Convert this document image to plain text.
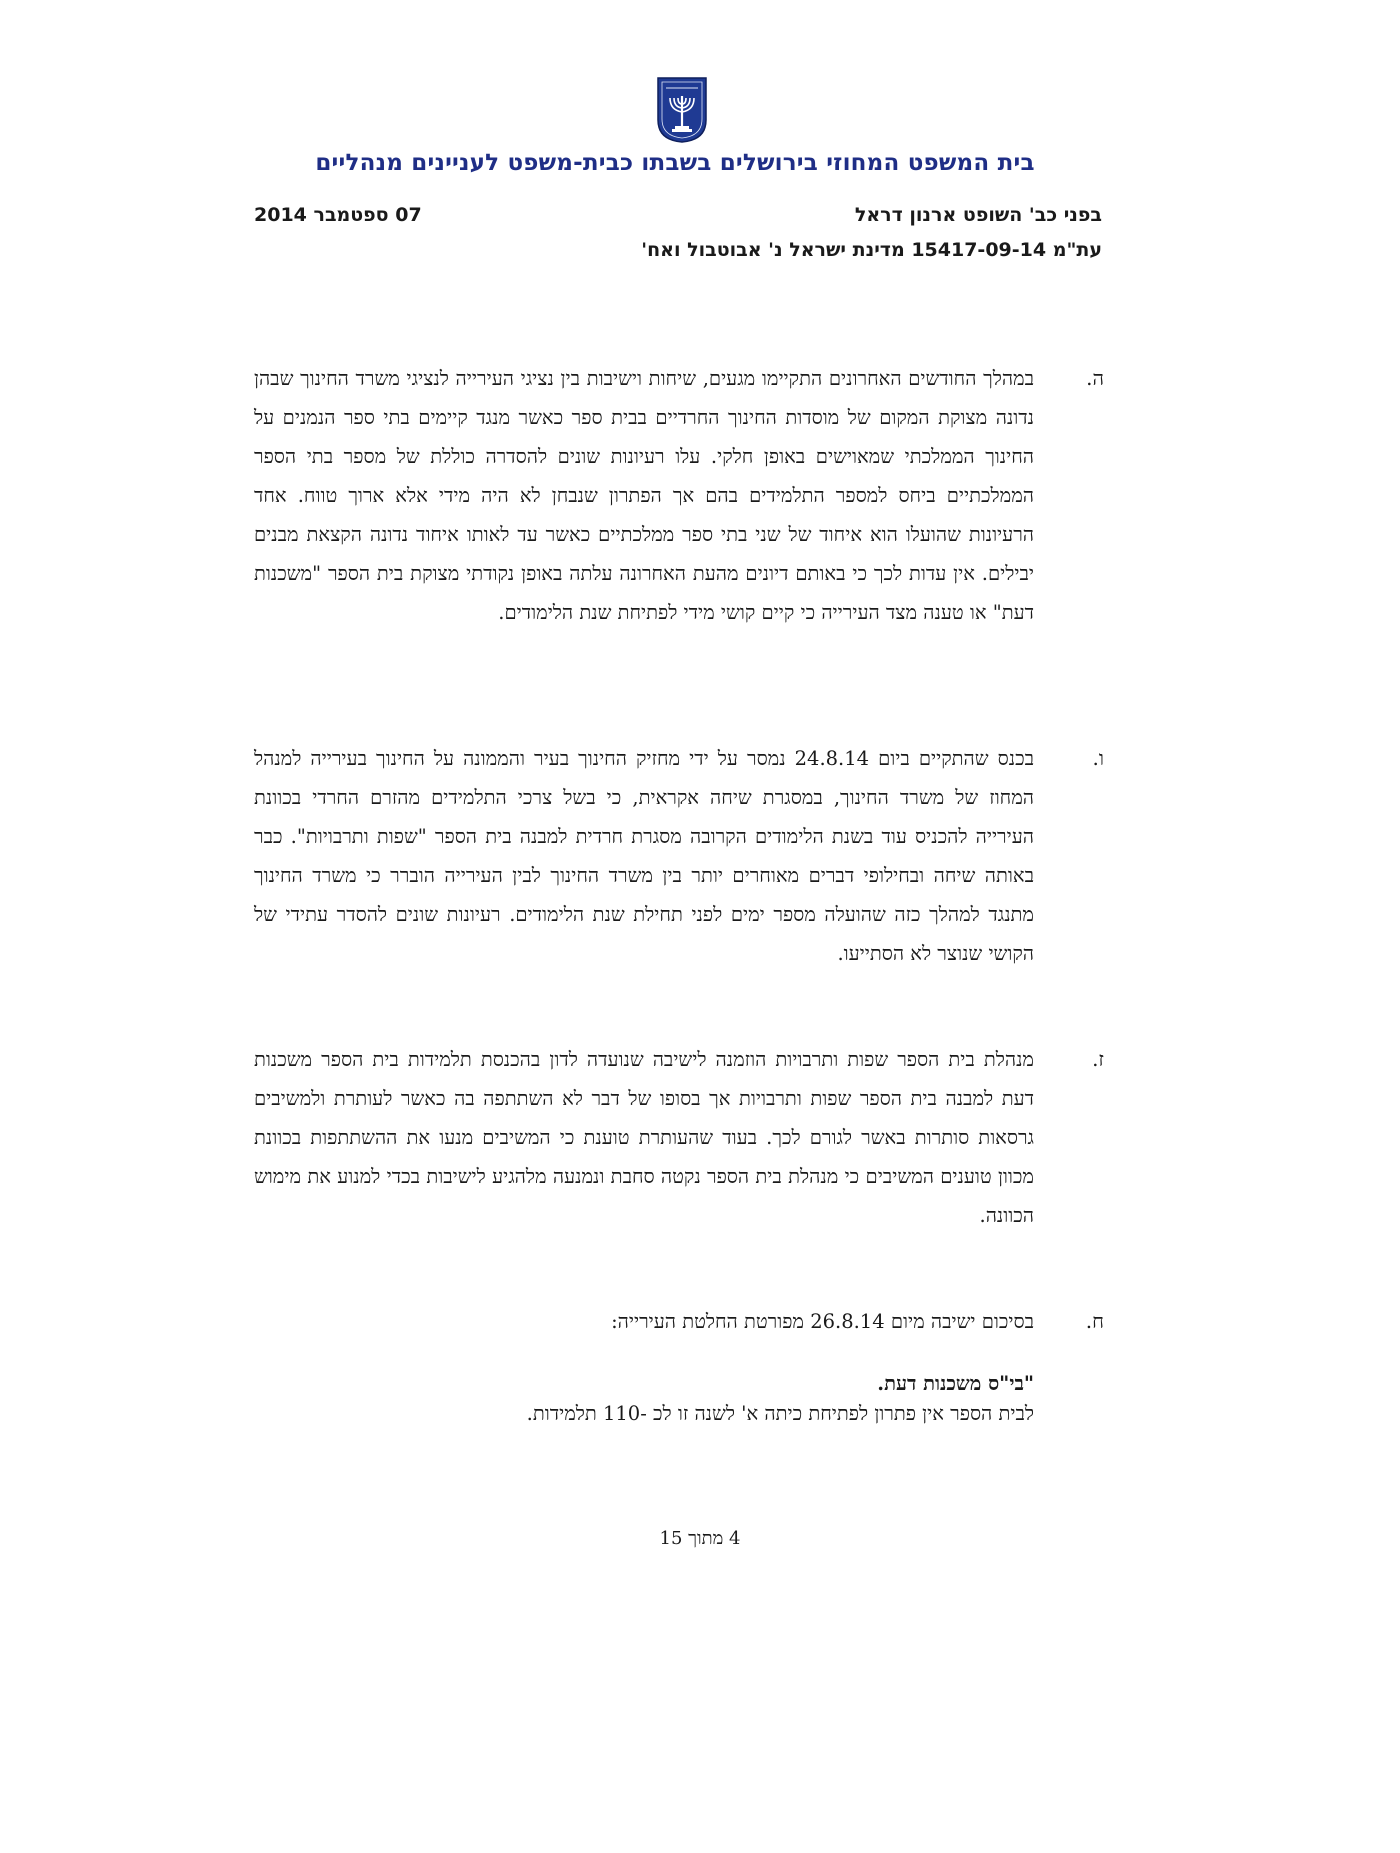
בית המשפט המחוזי בירושלים בשבתו כבית-משפט לעניינים מנהליים
בפני כב' השופט ארנון דראל
07 ספטמבר 2014
עת"מ 15417-09-14 מדינת ישראל נ' אבוטבול ואח'
ה.
במהלך החודשים האחרונים התקיימו מגעים, שיחות וישיבות בין נציגי העירייה לנציגי משרד החינוך שבהן נדונה מצוקת המקום של מוסדות החינוך החרדיים בבית ספר כאשר מנגד קיימים בתי ספר הנמנים על החינוך הממלכתי שמאוישים באופן חלקי. עלו רעיונות שונים להסדרה כוללת של מספר בתי הספר הממלכתיים ביחס למספר התלמידים בהם אך הפתרון שנבחן לא היה מידי אלא ארוך טווח. אחד הרעיונות שהועלו הוא איחוד של שני בתי ספר ממלכתיים כאשר עד לאותו איחוד נדונה הקצאת מבנים יבילים. אין עדות לכך כי באותם דיונים מהעת האחרונה עלתה באופן נקודתי מצוקת בית הספר "משכנות דעת" או טענה מצד העירייה כי קיים קושי מידי לפתיחת שנת הלימודים.
ו.
בכנס שהתקיים ביום 24.8.14 נמסר על ידי מחזיק החינוך בעיר והממונה על החינוך בעירייה למנהל המחוז של משרד החינוך, במסגרת שיחה אקראית, כי בשל צרכי התלמידים מהזרם החרדי בכוונת העירייה להכניס עוד בשנת הלימודים הקרובה מסגרת חרדית למבנה בית הספר "שפות ותרבויות". כבר באותה שיחה ובחילופי דברים מאוחרים יותר בין משרד החינוך לבין העירייה הוברר כי משרד החינוך מתנגד למהלך כזה שהועלה מספר ימים לפני תחילת שנת הלימודים. רעיונות שונים להסדר עתידי של הקושי שנוצר לא הסתייעו.
ז.
מנהלת בית הספר שפות ותרבויות הוזמנה לישיבה שנועדה לדון בהכנסת תלמידות בית הספר משכנות דעת למבנה בית הספר שפות ותרבויות אך בסופו של דבר לא השתתפה בה כאשר לעותרת ולמשיבים גרסאות סותרות באשר לגורם לכך. בעוד שהעותרת טוענת כי המשיבים מנעו את ההשתתפות בכוונת מכוון טוענים המשיבים כי מנהלת בית הספר נקטה סחבת ונמנעה מלהגיע לישיבות בכדי למנוע את מימוש הכוונה.
ח.
בסיכום ישיבה מיום 26.8.14 מפורטת החלטת העירייה:
"בי"ס משכנות דעת.
לבית הספר אין פתרון לפתיחת כיתה א' לשנה זו לכ -110 תלמידות.
4 מתוך 15
